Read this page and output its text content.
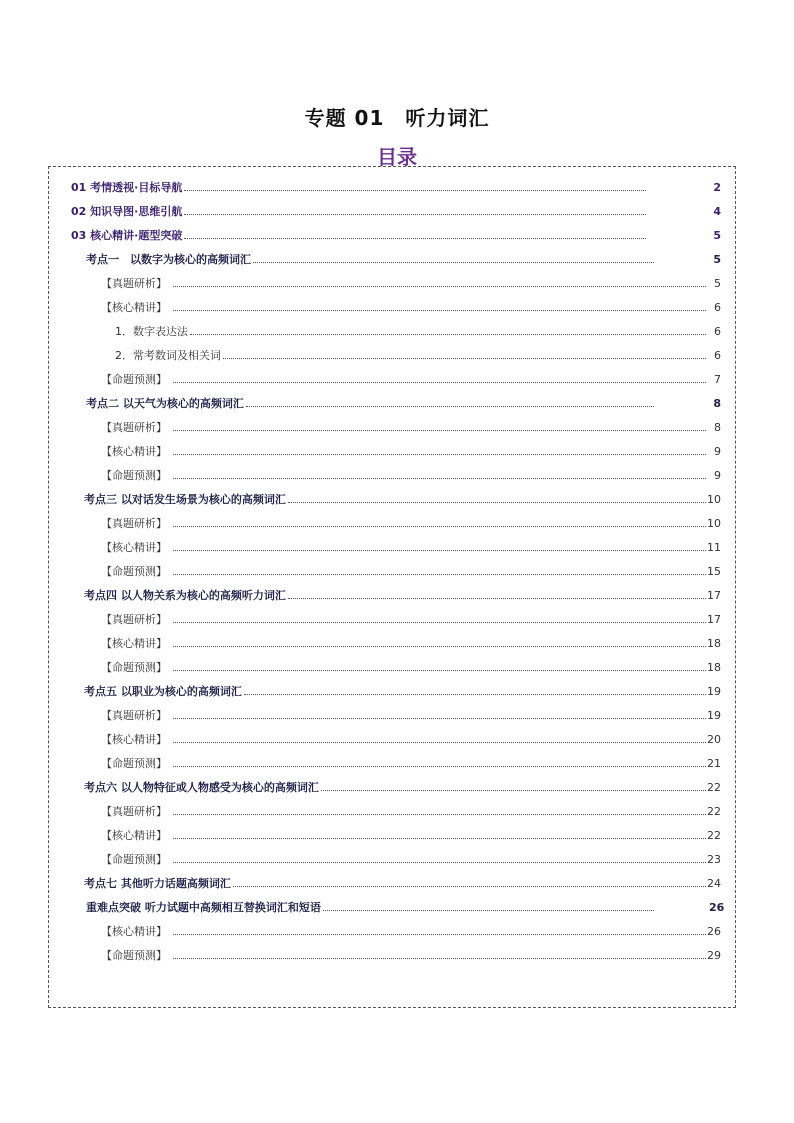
专题 01　听力词汇
目录
01 考情透视·目标导航	2
02 知识导图·思维引航	4
03 核心精讲·题型突破	5
考点一　以数字为核心的高频词汇	5
【真题研析】	5
【核心精讲】	6
1．数字表达法	6
2．常考数词及相关词	6
【命题预测】	7
考点二 以天气为核心的高频词汇	8
【真题研析】	8
【核心精讲】	9
【命题预测】	9
考点三 以对话发生场景为核心的高频词汇	10
【真题研析】	10
【核心精讲】	11
【命题预测】	15
考点四 以人物关系为核心的高频听力词汇	17
【真题研析】	17
【核心精讲】	18
【命题预测】	18
考点五 以职业为核心的高频词汇	19
【真题研析】	19
【核心精讲】	20
【命题预测】	21
考点六 以人物特征或人物感受为核心的高频词汇	22
【真题研析】	22
【核心精讲】	22
【命题预测】	23
考点七 其他听力话题高频词汇	24
重难点突破 听力试题中高频相互替换词汇和短语	26
【核心精讲】	26
【命题预测】	29
